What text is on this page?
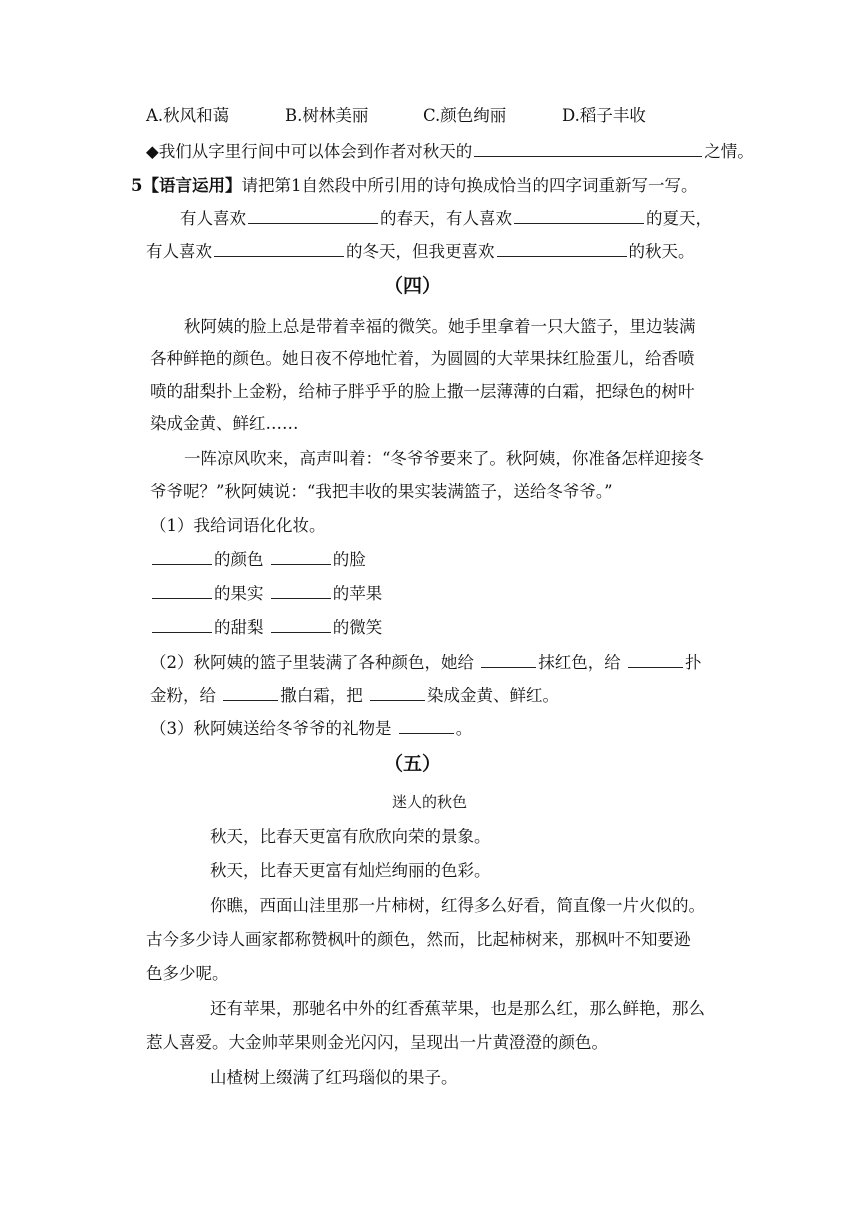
A.秋风和蔼	B.树林美丽	C.颜色绚丽	D.稻子丰收
◆我们从字里行间中可以体会到作者对秋天的	之情。
5【语言运用】请把第1自然段中所引用的诗句换成恰当的四字词重新写一写。
有人喜欢	的春天，有人喜欢	的夏天，
有人喜欢	的冬天，但我更喜欢	的秋天。
（四）
秋阿姨的脸上总是带着幸福的微笑。她手里拿着一只大篮子，里边装满
各种鲜艳的颜色。她日夜不停地忙着，为圆圆的大苹果抹红脸蛋儿，给香喷
喷的甜梨扑上金粉，给柿子胖乎乎的脸上撒一层薄薄的白霜，把绿色的树叶
染成金黄、鲜红……
一阵凉风吹来，高声叫着：“冬爷爷要来了。秋阿姨，你准备怎样迎接冬
爷爷呢？”秋阿姨说：“我把丰收的果实装满篮子，送给冬爷爷。”
（1）我给词语化化妆。
的颜色	的脸
的果实	的苹果
的甜梨	的微笑
（2）秋阿姨的篮子里装满了各种颜色，她给	抹红色，给	扑
金粉，给	撒白霜，把	染成金黄、鲜红。
（3）秋阿姨送给冬爷爷的礼物是	。
（五）
迷人的秋色
秋天，比春天更富有欣欣向荣的景象。
秋天，比春天更富有灿烂绚丽的色彩。
你瞧，西面山洼里那一片柿树，红得多么好看，简直像一片火似的。
古今多少诗人画家都称赞枫叶的颜色，然而，比起柿树来，那枫叶不知要逊
色多少呢。
还有苹果，那驰名中外的红香蕉苹果，也是那么红，那么鲜艳，那么
惹人喜爱。大金帅苹果则金光闪闪，呈现出一片黄澄澄的颜色。
山楂树上缀满了红玛瑙似的果子。
